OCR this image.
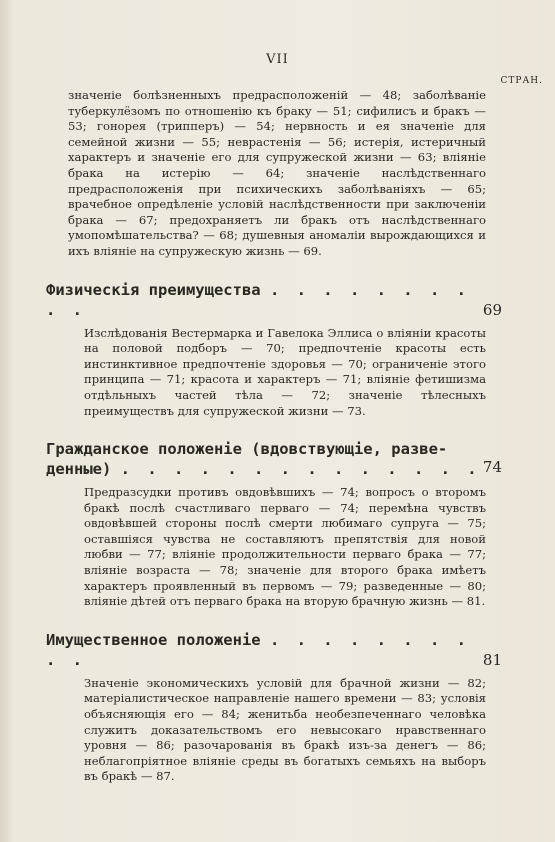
VII
СТРАН.

значеніе болѣзненныхъ предрасположеній — 48; заболѣваніе туберкулёзомъ по отношенію къ браку — 51; сифилисъ и бракъ — 53; гонорея (трипперъ) — 54; нервность и ея значеніе для семейной жизни — 55; неврастенія — 56; истерія, истеричный характеръ и значеніе его для супружеской жизни — 63; вліяніе брака на истерію — 64; значеніе наслѣдственнаго предрасположенія при психическихъ заболѣваніяхъ — 65; врачебное опредѣленіе условій наслѣдственности при заключеніи брака — 67; предохраняетъ ли бракъ отъ наслѣдственнаго умопомѣшательства? — 68; душевныя аномаліи вырождающихся и ихъ вліяніе на супружескую жизнь — 69.

Физическія преимущества . . . . . . . . . .	69

Изслѣдованія Вестермарка и Гавелока Эллиса о вліяніи красоты на половой подборъ — 70; предпочтеніе красоты есть инстинктивное предпочтеніе здоровья — 70; ограниченіе этого принципа — 71; красота и характеръ — 71; вліяніе фетишизма отдѣльныхъ частей тѣла — 72; значеніе тѣлесныхъ преимуществъ для супружеской жизни — 73.

Гражданское положеніе (вдовствующіе, разве-
денные) . . . . . . . . . . . . . . 74

Предразсудки противъ овдовѣвшихъ — 74; вопросъ о второмъ бракѣ послѣ счастливаго перваго — 74; перемѣна чувствъ овдовѣвшей стороны послѣ смерти любимаго супруга — 75; оставшіяся чувства не составляютъ препятствія для новой любви — 77; вліяніе продолжительности перваго брака — 77; вліяніе возраста — 78; значеніе для второго брака имѣетъ характеръ проявленный въ первомъ — 79; разведенные — 80; вліяніе дѣтей отъ перваго брака на вторую брачную жизнь — 81.

Имущественное положеніе . . . . . . . . . .	81

Значеніе экономическихъ условій для брачной жизни — 82; матеріалистическое направленіе нашего времени — 83; условія объясняющія его — 84; женитьба необезпеченнаго человѣка служитъ доказательствомъ его невысокаго нравственнаго уровня — 86; разочарованія въ бракѣ изъ-за денегъ — 86; неблагопріятное вліяніе среды въ богатыхъ семьяхъ на выборъ въ бракѣ — 87.
